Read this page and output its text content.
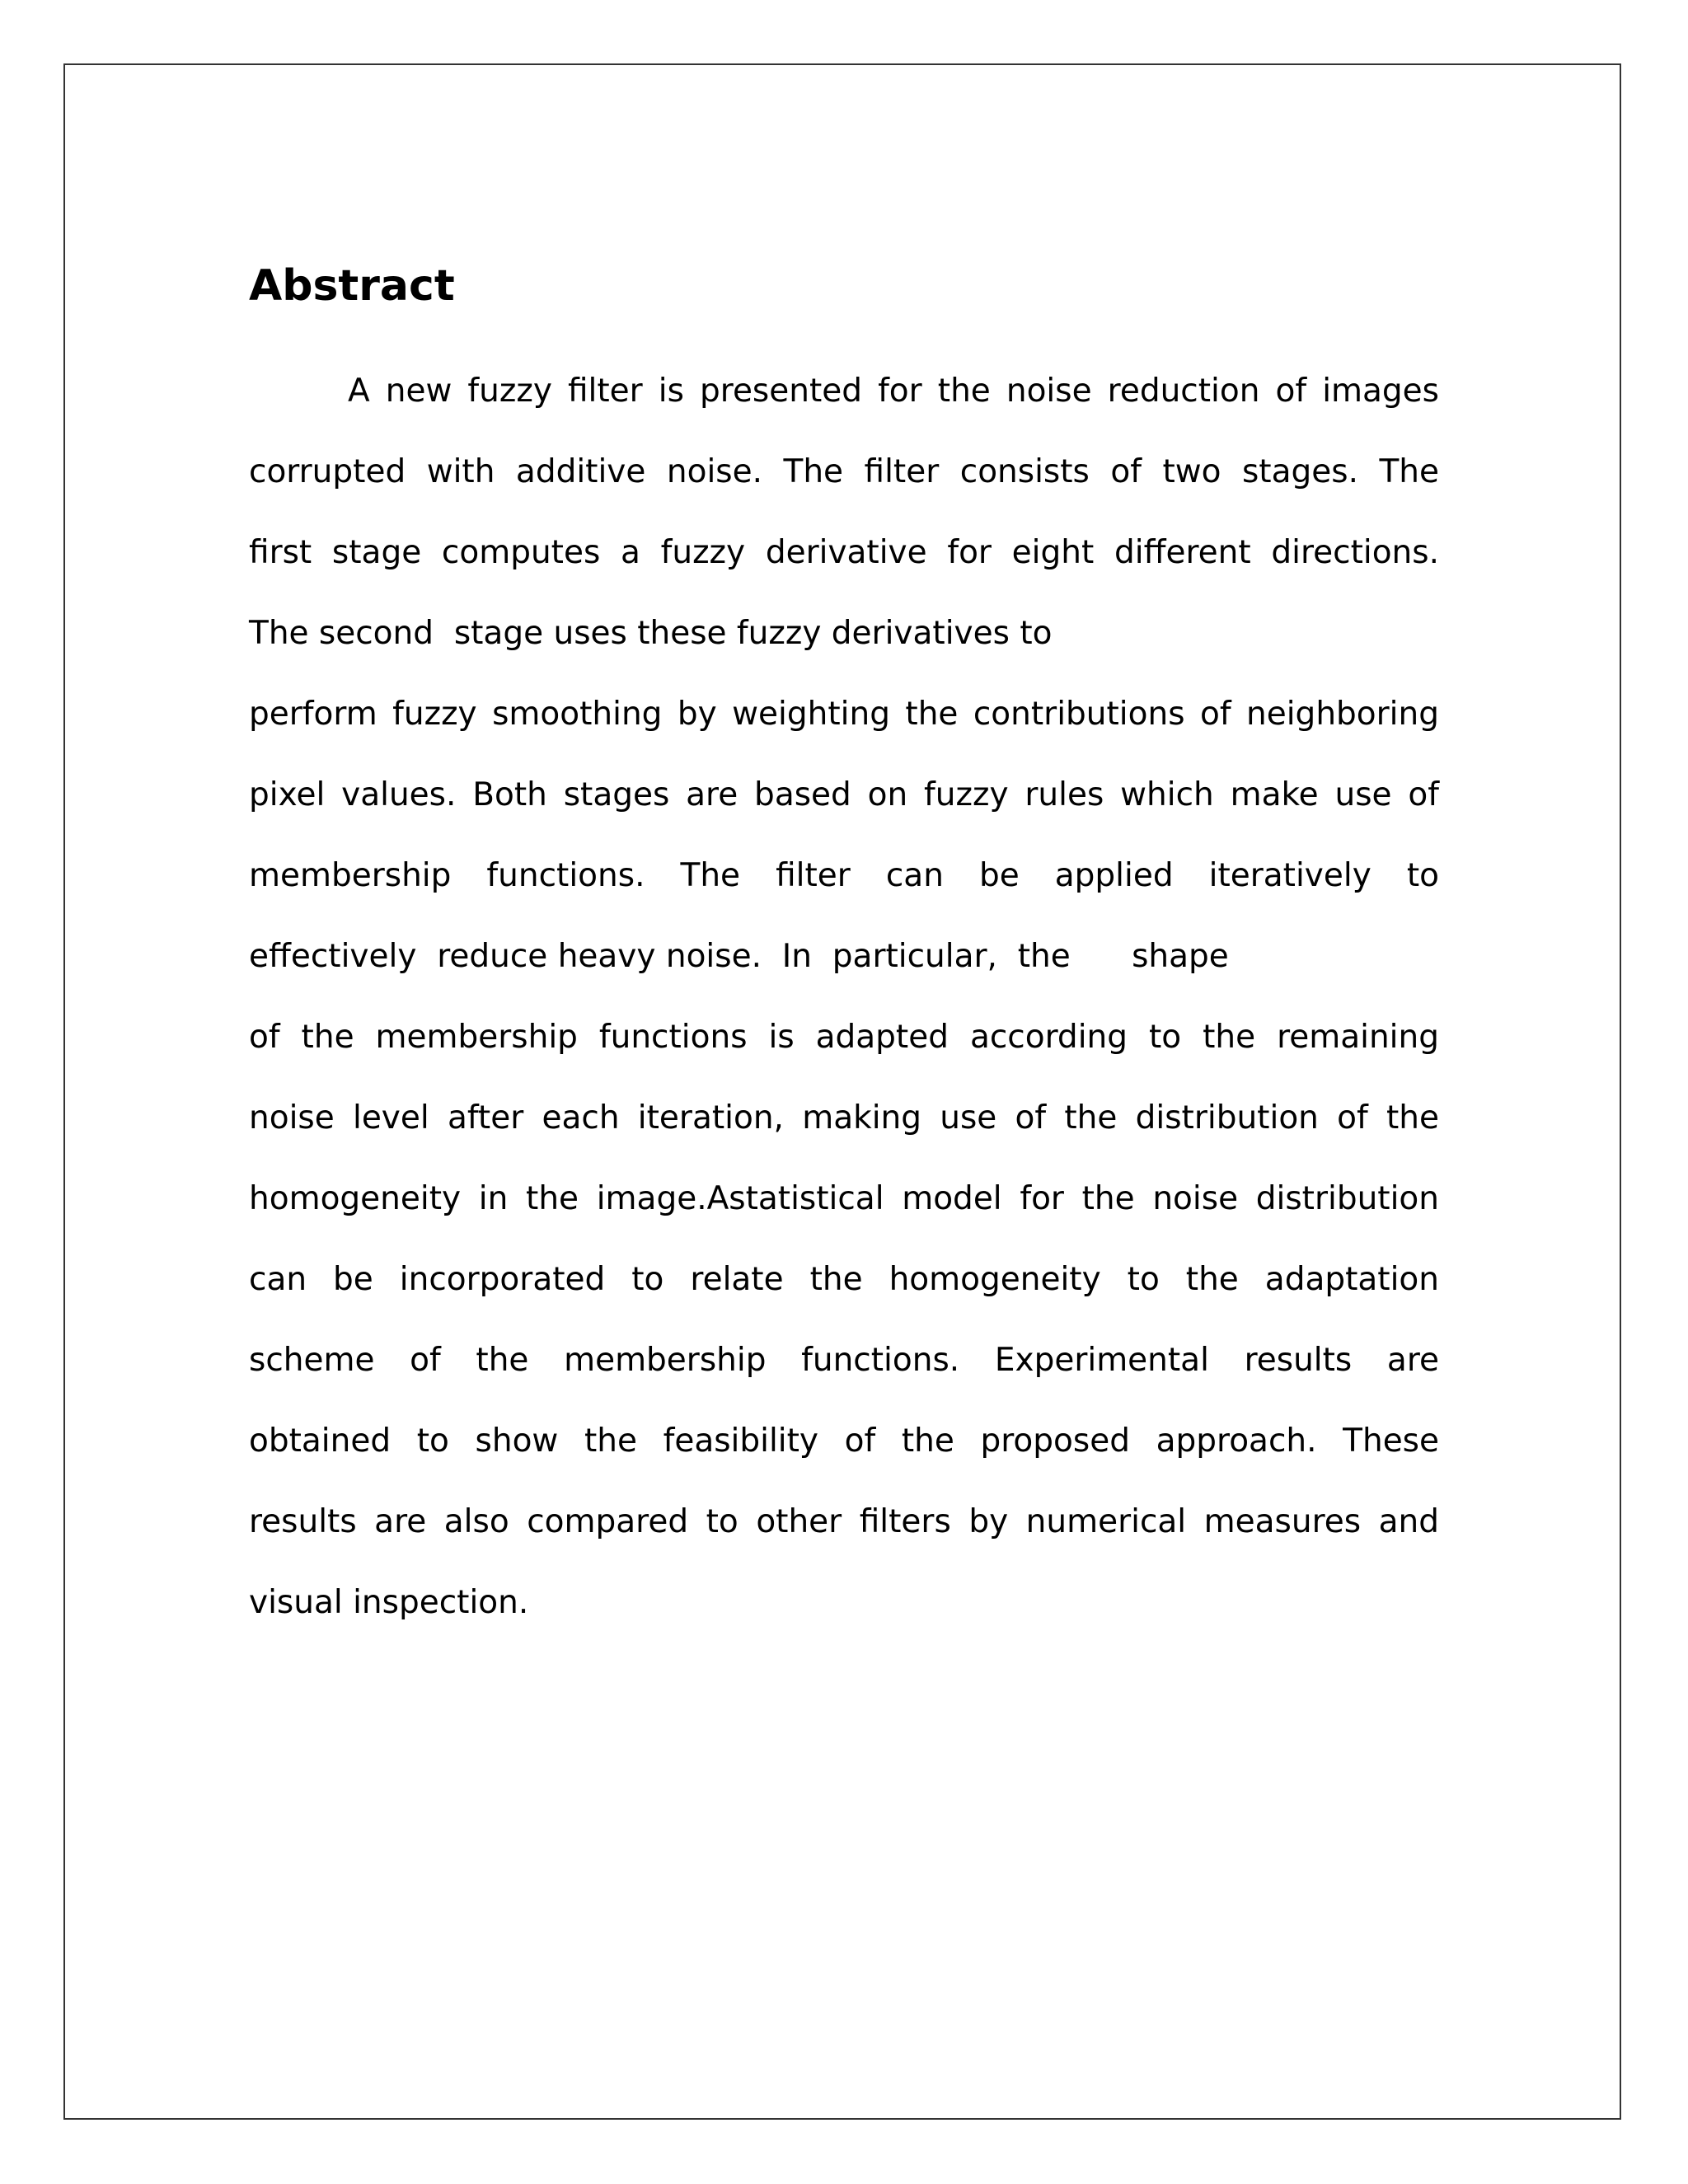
Abstract
A new fuzzy filter is presented for the noise reduction of images
corrupted with additive noise. The filter consists of two stages. The
first stage computes a fuzzy derivative for eight different directions.
The second  stage uses these fuzzy derivatives to
perform fuzzy smoothing by weighting the contributions of neighboring
pixel values. Both stages are based on fuzzy rules which make use of
membership functions. The filter can be applied iteratively to
effectively  reduce heavy noise.  In  particular,  the      shape
of the membership functions is adapted according to the remaining
noise level after each iteration, making use of the distribution of the
homogeneity in the image.Astatistical model for the noise distribution
can be incorporated to relate the homogeneity to the adaptation
scheme of the membership functions. Experimental results are
obtained to show the feasibility of the proposed approach. These
results are also compared to other filters by numerical measures and
visual inspection.
